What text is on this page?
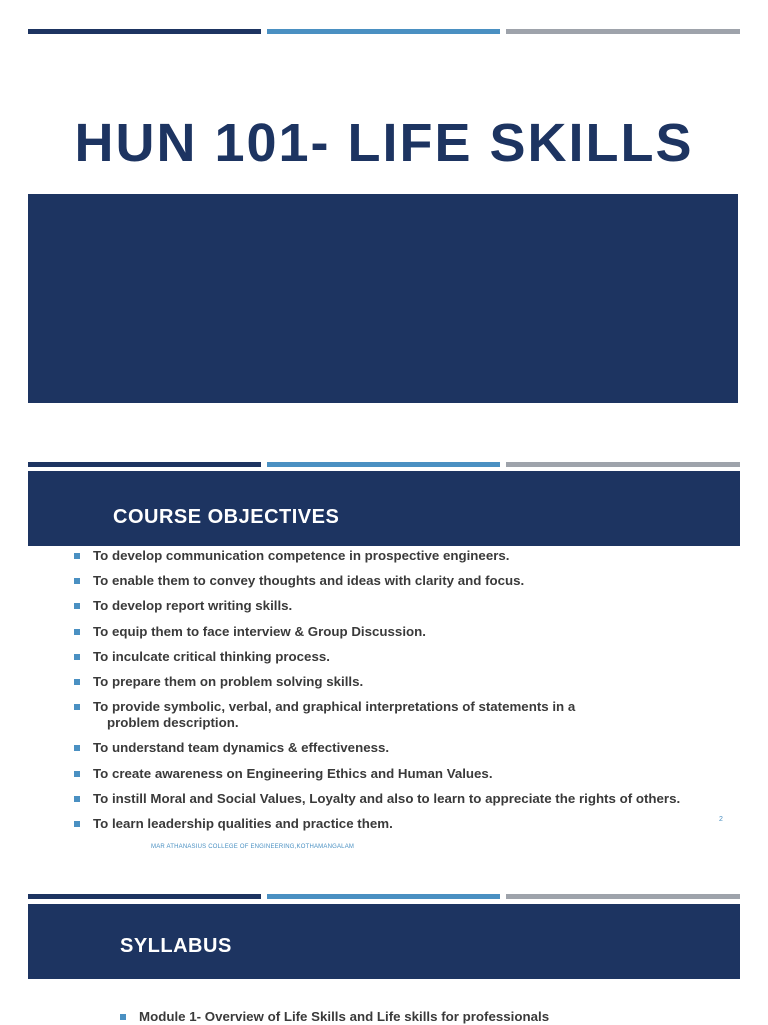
HUN 101- LIFE SKILLS
COURSE OBJECTIVES
To develop communication competence in prospective engineers.
To enable them to convey thoughts and ideas with clarity and focus.
To develop report writing skills.
To equip them to face interview & Group Discussion.
To inculcate critical thinking process.
To prepare them on problem solving skills.
To provide symbolic, verbal, and graphical interpretations of statements in a
problem description.
To understand team dynamics & effectiveness.
To create awareness on Engineering Ethics and Human Values.
To instill Moral and Social Values, Loyalty and also to learn to appreciate the rights of others.
To learn leadership qualities and practice them.	2
MAR ATHANASIUS COLLEGE OF ENGINEERING,KOTHAMANGALAM
SYLLABUS
Module 1- Overview of Life Skills and Life skills for professionals
